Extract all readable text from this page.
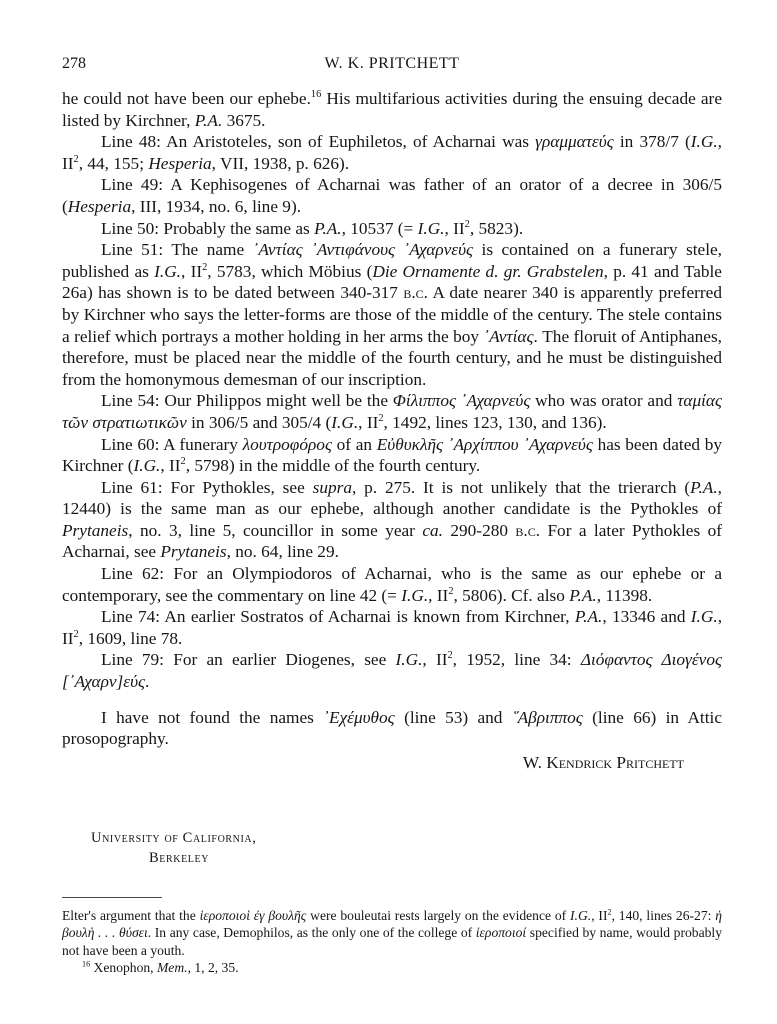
278	W. K. PRITCHETT

he could not have been our ephebe.$^{16}$ His multifarious activities during the ensuing decade are listed by Kirchner, P.A. 3675.

Line 48: An Aristoteles, son of Euphiletos, of Acharnai was γραμματεύς in 378/7 (I.G., $II^2$, 44, 155; Hesperia, VII, 1938, p. 626).

Line 49: A Kephisogenes of Acharnai was father of an orator of a decree in 306/5 (Hesperia, III, 1934, no. 6, line 9).

Line 50: Probably the same as P.A., 10537 (= I.G., $II^2$, 5823).

Line 51: The name ᾿Αντίας ᾿Αντιφάνους ᾿Αχαρνεύς is contained on a funerary stele, published as I.G., $II^2$, 5783, which Möbius (Die Ornamente d. gr. Grabstelen, p. 41 and Table 26a) has shown is to be dated between 340-317 b.c. A date nearer 340 is apparently preferred by Kirchner who says the letter-forms are those of the middle of the century. The stele contains a relief which portrays a mother holding in her arms the boy ᾿Αντίας. The floruit of Antiphanes, therefore, must be placed near the middle of the fourth century, and he must be distinguished from the homonymous demesman of our inscription.

Line 54: Our Philippos might well be the Φίλιππος ᾿Αχαρνεύς who was orator and ταμίας τῶν στρατιωτικῶν in 306/5 and 305/4 (I.G., $II^2$, 1492, lines 123, 130, and 136).

Line 60: A funerary λουτροφόρος of an Εὐθυκλῆς ᾿Αρχίππου ᾿Αχαρνεύς has been dated by Kirchner (I.G., $II^2$, 5798) in the middle of the fourth century.

Line 61: For Pythokles, see supra, p. 275. It is not unlikely that the trierarch (P.A., 12440) is the same man as our ephebe, although another candidate is the Pythokles of Prytaneis, no. 3, line 5, councillor in some year ca. 290-280 b.c. For a later Pythokles of Acharnai, see Prytaneis, no. 64, line 29.

Line 62: For an Olympiodoros of Acharnai, who is the same as our ephebe or a contemporary, see the commentary on line 42 (= I.G., $II^2$, 5806). Cf. also P.A., 11398.

Line 74: An earlier Sostratos of Acharnai is known from Kirchner, P.A., 13346 and I.G., $II^2$, 1609, line 78.

Line 79: For an earlier Diogenes, see I.G., $II^2$, 1952, line 34: Διόφαντος Διογένος [᾿Αχαρν]εύς.

I have not found the names ᾿Εχέμυθος (line 53) and ῞Αβριππος (line 66) in Attic prosopography.

W. Kendrick Pritchett

University of California,
Berkeley

Elter's argument that the ἱεροποιοὶ ἐγ βουλῆς were bouleutai rests largely on the evidence of I.G., $II^2$, 140, lines 26-27: ἡ βουλὴ . . . θύσει. In any case, Demophilos, as the only one of the college of ἱεροποιοί specified by name, would probably not have been a youth.

$^{16}$ Xenophon, Mem., 1, 2, 35.
